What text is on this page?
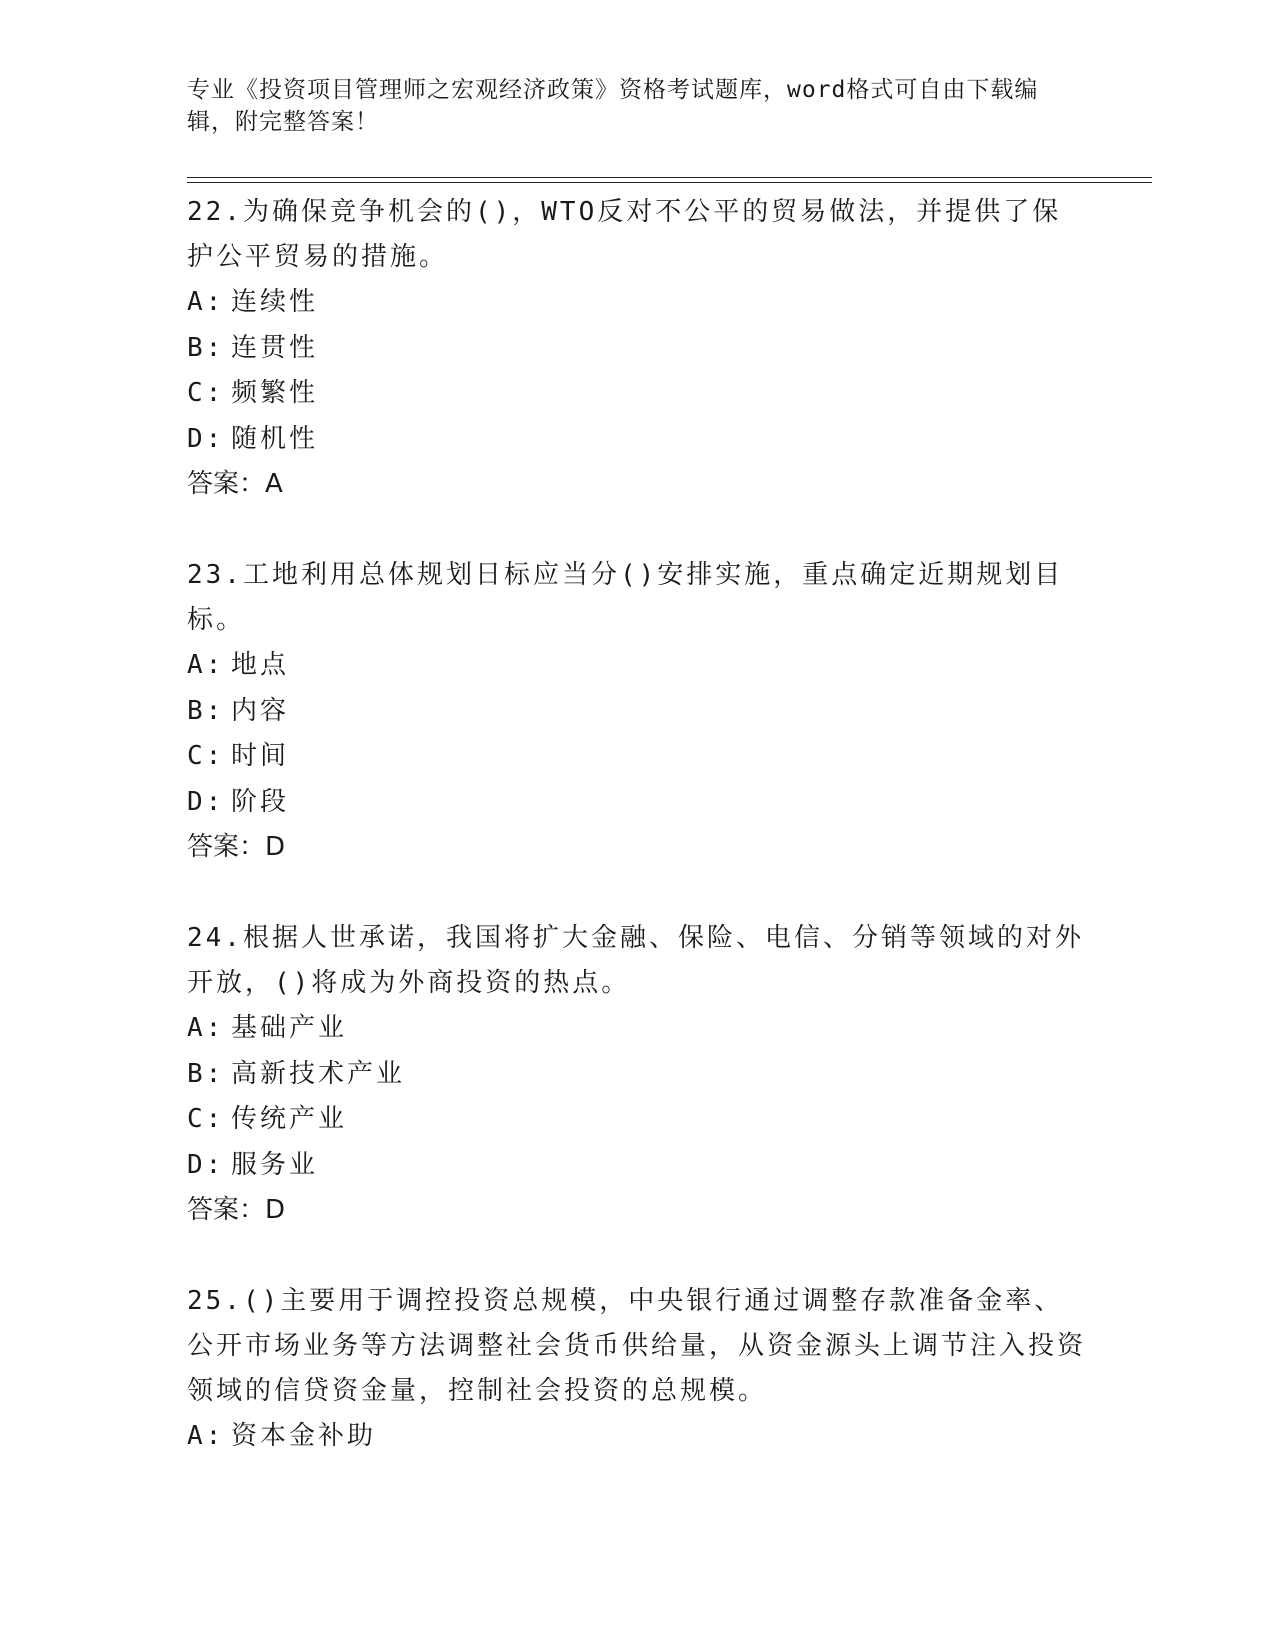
专业《投资项目管理师之宏观经济政策》资格考试题库，word格式可自由下载编辑，附完整答案！

22.为确保竞争机会的()，WTO反对不公平的贸易做法，并提供了保护公平贸易的措施。

A: 连续性

B: 连贯性

C: 频繁性

D: 随机性

答案：A

23.工地利用总体规划日标应当分()安排实施，重点确定近期规划目标。

A: 地点

B: 内容

C: 时间

D: 阶段

答案：D

24.根据人世承诺，我国将扩大金融、保险、电信、分销等领域的对外开放，()将成为外商投资的热点。

A: 基础产业

B: 高新技术产业

C: 传统产业

D: 服务业

答案：D

25.()主要用于调控投资总规模，中央银行通过调整存款准备金率、公开市场业务等方法调整社会货币供给量，从资金源头上调节注入投资领域的信贷资金量，控制社会投资的总规模。

A: 资本金补助
